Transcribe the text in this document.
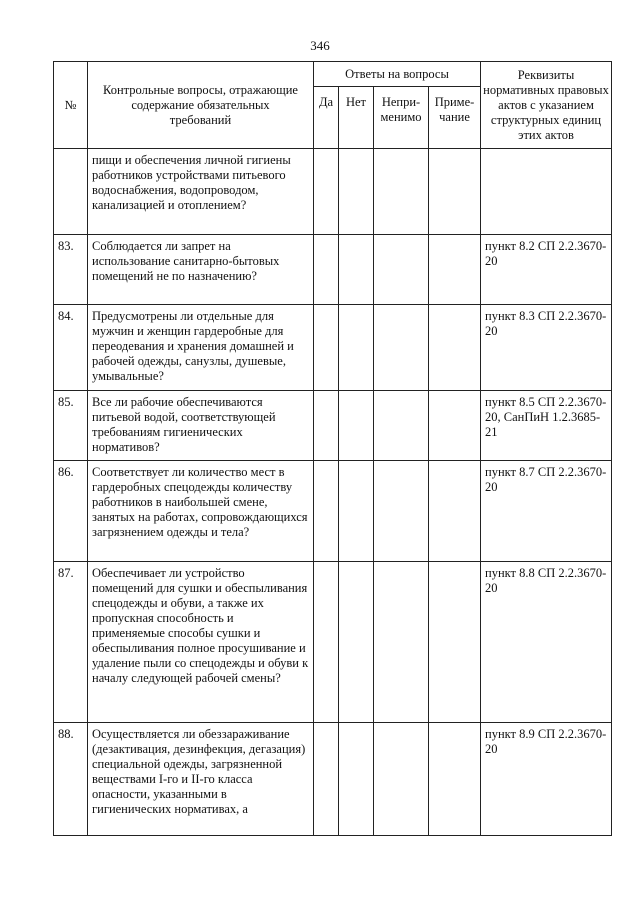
346
№	Контрольные вопросы, отражающие содержание обязательных требований	Ответы на вопросы				Реквизиты нормативных правовых актов с указанием структурных единиц этих актов
		Да	Нет	Непри-менимо	Приме-чание	
	пищи и обеспечения личной гигиены работников устройствами питьевого водоснабжения, водопроводом, канализацией и отоплением?					
83.	Соблюдается ли запрет на использование санитарно-бытовых помещений не по назначению?					пункт 8.2 СП 2.2.3670-20
84.	Предусмотрены ли отдельные для мужчин и женщин гардеробные для переодевания и хранения домашней и рабочей одежды, санузлы, душевые, умывальные?					пункт 8.3 СП 2.2.3670-20
85.	Все ли рабочие обеспечиваются питьевой водой, соответствующей требованиям гигиенических нормативов?					пункт 8.5 СП 2.2.3670-20, СанПиН 1.2.3685-21
86.	Соответствует ли количество мест в гардеробных спецодежды количеству работников в наибольшей смене, занятых на работах, сопровождающихся загрязнением одежды и тела?					пункт 8.7 СП 2.2.3670-20
87.	Обеспечивает ли устройство помещений для сушки и обеспыливания спецодежды и обуви, а также их пропускная способность и применяемые способы сушки и обеспыливания полное просушивание и удаление пыли со спецодежды и обуви к началу следующей рабочей смены?					пункт 8.8 СП 2.2.3670-20
88.	Осуществляется ли обеззараживание (дезактивация, дезинфекция, дегазация) специальной одежды, загрязненной веществами I-го и II-го класса опасности, указанными в гигиенических нормативах, а					пункт 8.9 СП 2.2.3670-20
